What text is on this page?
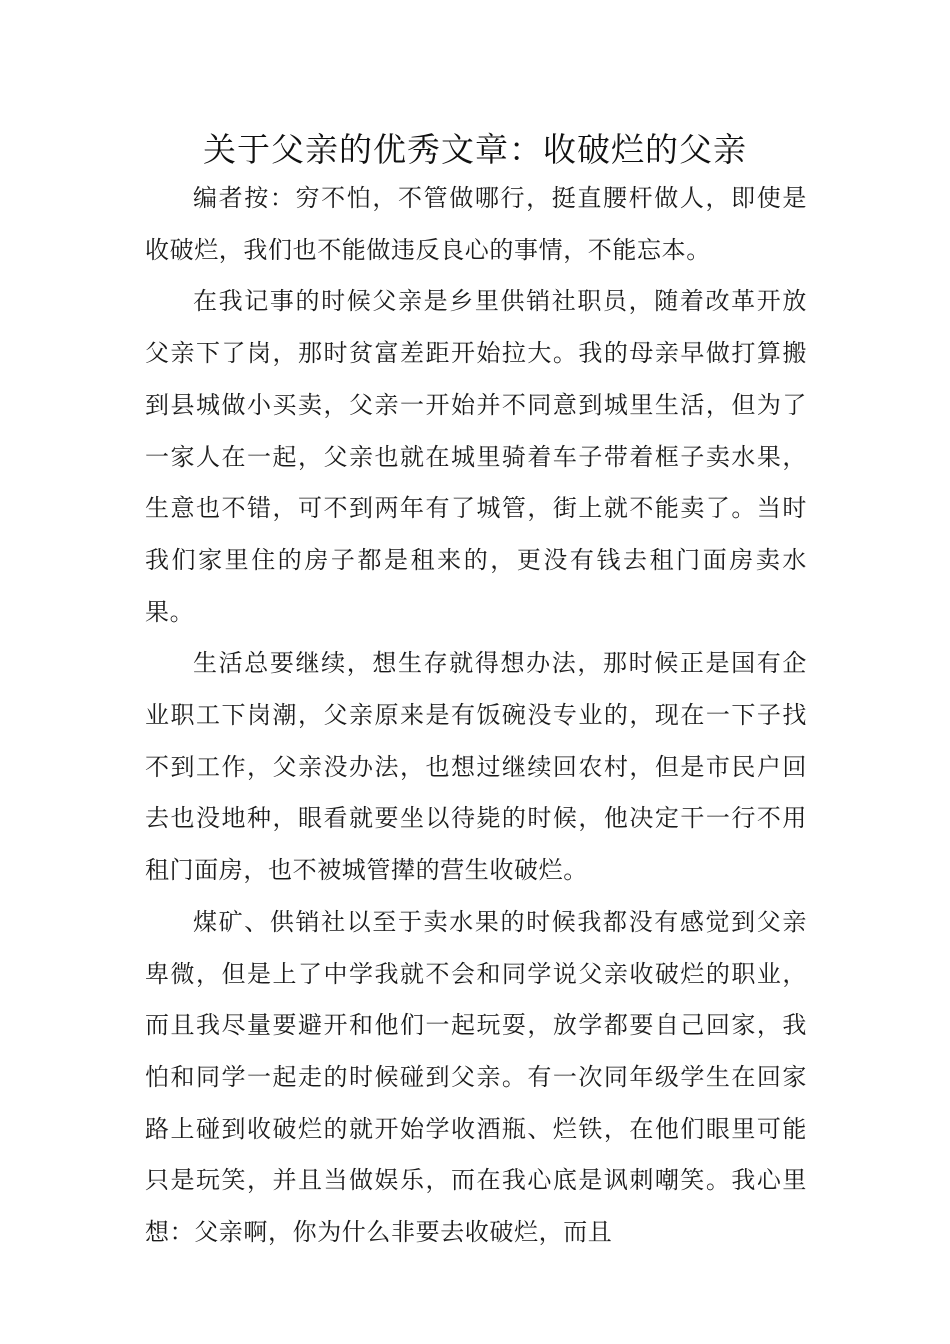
关于父亲的优秀文章：收破烂的父亲

编者按：穷不怕，不管做哪行，挺直腰杆做人，即使是收破烂，我们也不能做违反良心的事情，不能忘本。

在我记事的时候父亲是乡里供销社职员，随着改革开放父亲下了岗，那时贫富差距开始拉大。我的母亲早做打算搬到县城做小买卖，父亲一开始并不同意到城里生活，但为了一家人在一起，父亲也就在城里骑着车子带着框子卖水果，生意也不错，可不到两年有了城管，街上就不能卖了。当时我们家里住的房子都是租来的，更没有钱去租门面房卖水果。

生活总要继续，想生存就得想办法，那时候正是国有企业职工下岗潮，父亲原来是有饭碗没专业的，现在一下子找不到工作，父亲没办法，也想过继续回农村，但是市民户回去也没地种，眼看就要坐以待毙的时候，他决定干一行不用租门面房，也不被城管撵的营生收破烂。

煤矿、供销社以至于卖水果的时候我都没有感觉到父亲卑微，但是上了中学我就不会和同学说父亲收破烂的职业，而且我尽量要避开和他们一起玩耍，放学都要自己回家，我怕和同学一起走的时候碰到父亲。有一次同年级学生在回家路上碰到收破烂的就开始学收酒瓶、烂铁，在他们眼里可能只是玩笑，并且当做娱乐，而在我心底是讽刺嘲笑。我心里想：父亲啊，你为什么非要去收破烂，而且
